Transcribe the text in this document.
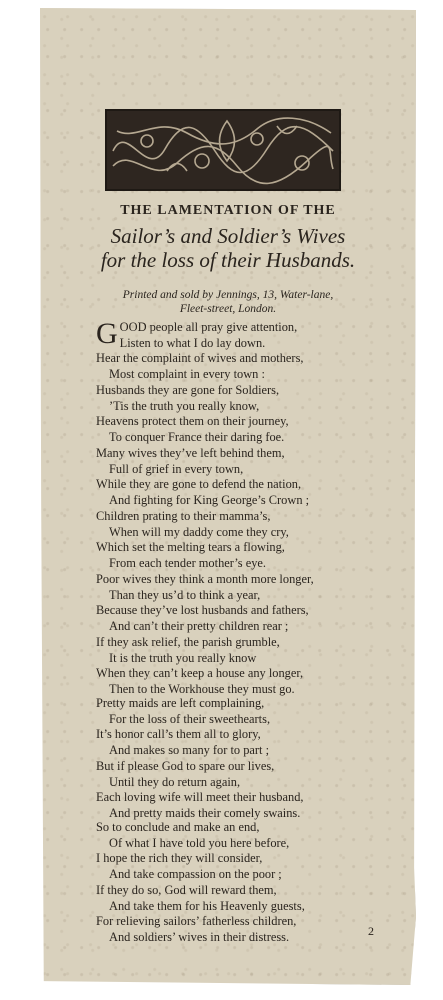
THE LAMENTATION OF THE
Sailor’s and Soldier’s Wives
for the loss of their Husbands.
Printed and sold by Jennings, 13, Water-lane,
Fleet-street, London.
GOOD people all pray give attention,
Listen to what I do lay down.
Hear the complaint of wives and mothers,
Most complaint in every town :
Husbands they are gone for Soldiers,
’Tis the truth you really know,
Heavens protect them on their journey,
To conquer France their daring foe.
Many wives they’ve left behind them,
Full of grief in every town,
While they are gone to defend the nation,
And fighting for King George’s Crown ;
Children prating to their mamma’s,
When will my daddy come they cry,
Which set the melting tears a flowing,
From each tender mother’s eye.
Poor wives they think a month more longer,
Than they us’d to think a year,
Because they’ve lost husbands and fathers,
And can’t their pretty children rear ;
If they ask relief, the parish grumble,
It is the truth you really know
When they can’t keep a house any longer,
Then to the Workhouse they must go.
Pretty maids are left complaining,
For the loss of their sweethearts,
It’s honor call’s them all to glory,
And makes so many for to part ;
But if please God to spare our lives,
Until they do return again,
Each loving wife will meet their husband,
And pretty maids their comely swains.
So to conclude and make an end,
Of what I have told you here before,
I hope the rich they will consider,
And take compassion on the poor ;
If they do so, God will reward them,
And take them for his Heavenly guests,
For relieving sailors’ fatherless children,
And soldiers’ wives in their distress.	2
